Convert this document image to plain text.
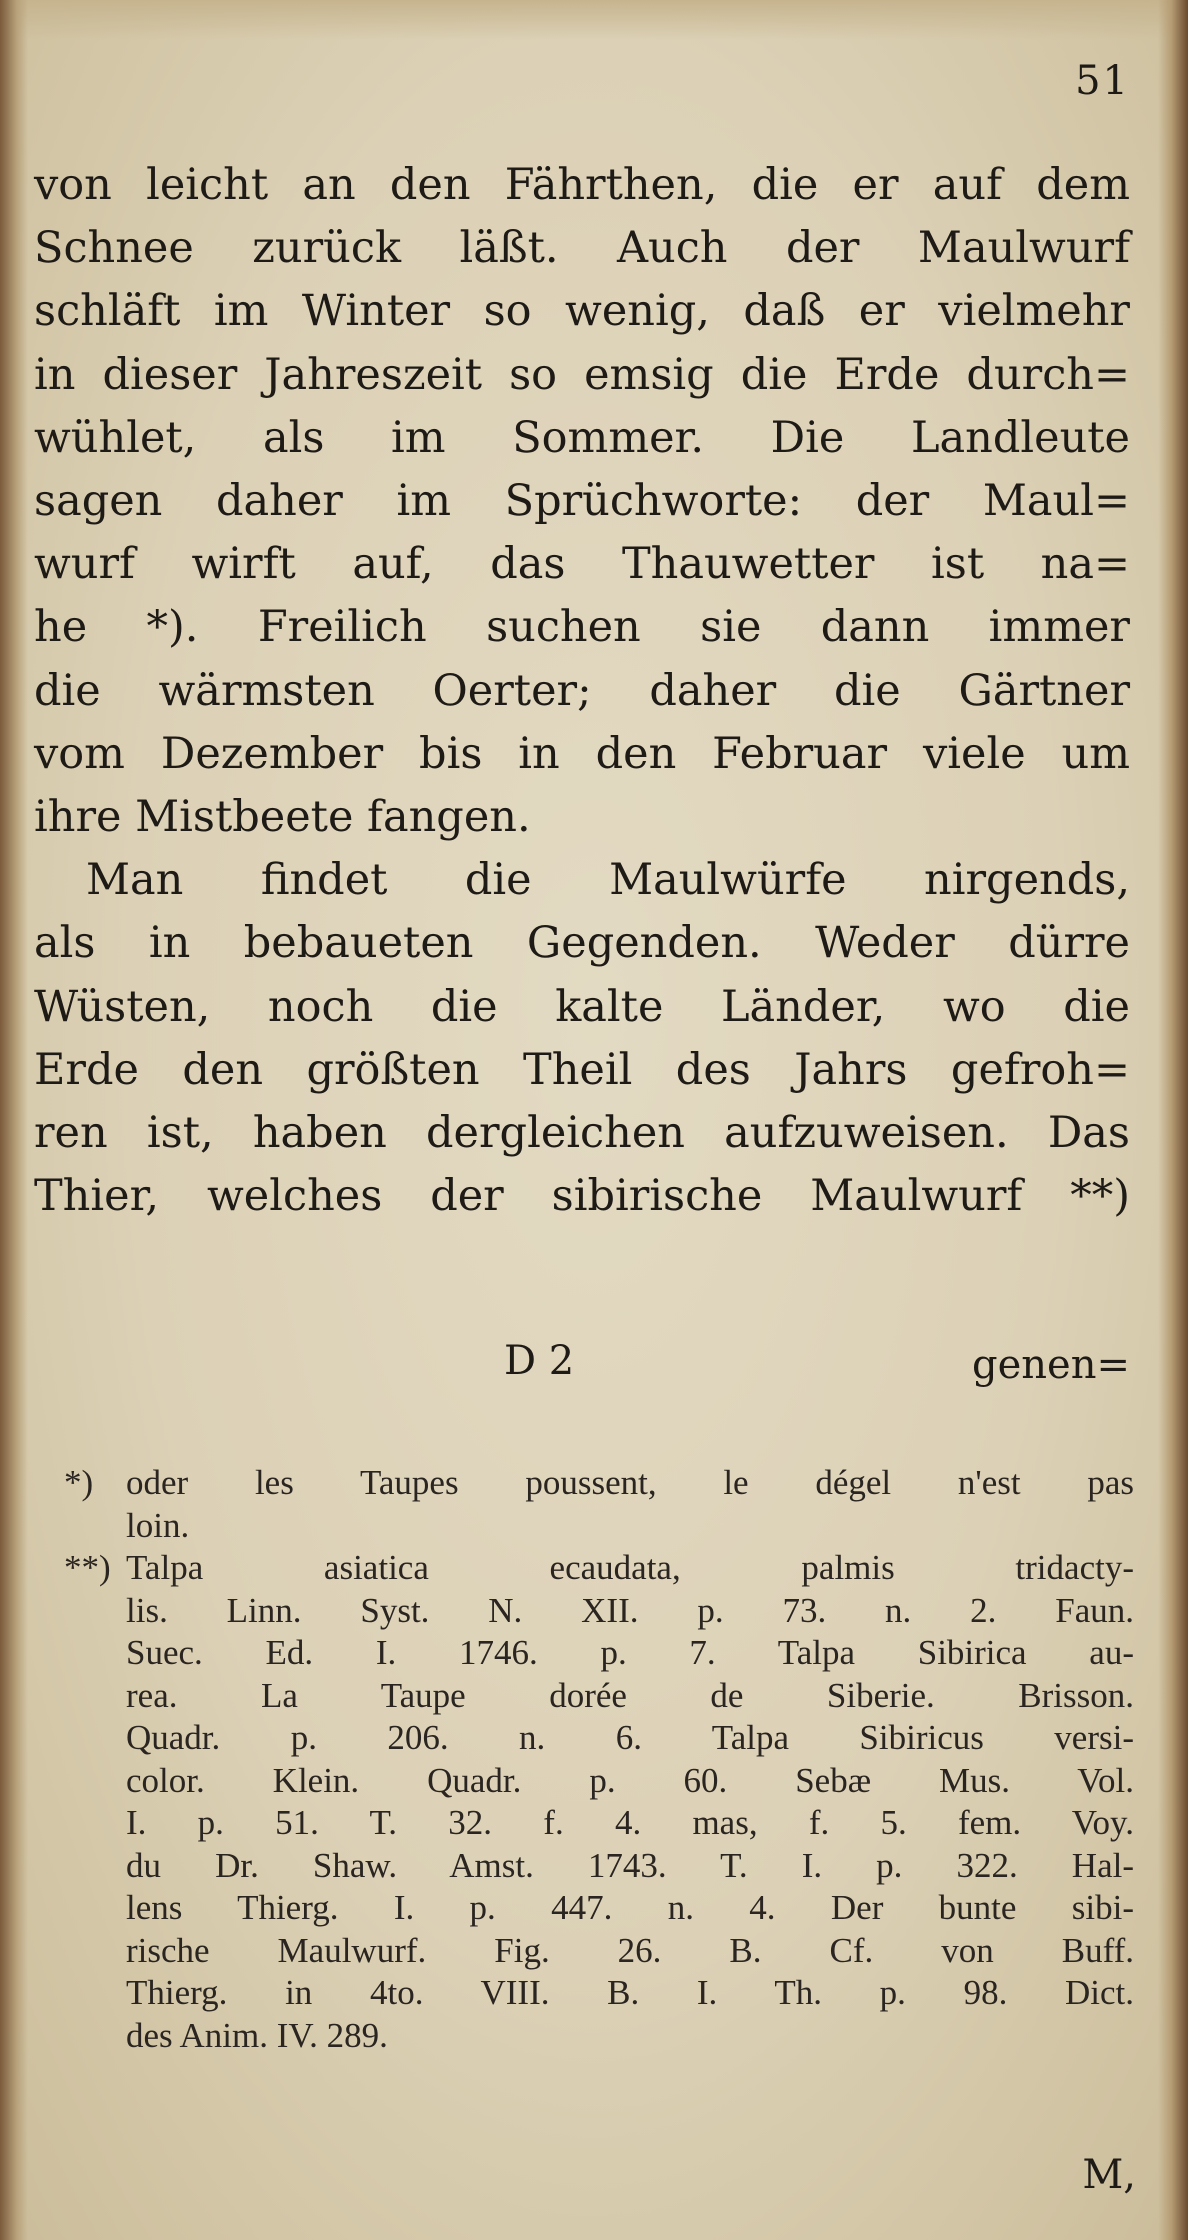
51
von leicht an den Fährthen, die er auf dem
Schnee zurück läßt. Auch der Maulwurf
schläft im Winter so wenig, daß er vielmehr
in dieser Jahreszeit so emsig die Erde durch=
wühlet, als im Sommer. Die Landleute
sagen daher im Sprüchworte: der Maul=
wurf wirft auf, das Thauwetter ist na=
he *). Freilich suchen sie dann immer
die wärmsten Oerter; daher die Gärtner
vom Dezember bis in den Februar viele um
ihre Mistbeete fangen.
Man findet die Maulwürfe nirgends,
als in bebaueten Gegenden. Weder dürre
Wüsten, noch die kalte Länder, wo die
Erde den größten Theil des Jahrs gefroh=
ren ist, haben dergleichen aufzuweisen. Das
Thier, welches der sibirische Maulwurf **)
D 2	genen=
*) oder les Taupes poussent, le dégel n'est pas
loin.
**) Talpa asiatica ecaudata, palmis tridacty-
lis. Linn. Syst. N. XII. p. 73. n. 2. Faun.
Suec. Ed. I. 1746. p. 7. Talpa Sibirica au-
rea. La Taupe dorée de Siberie. Brisson.
Quadr. p. 206. n. 6. Talpa Sibiricus versi-
color. Klein. Quadr. p. 60. Sebæ Mus. Vol.
I. p. 51. T. 32. f. 4. mas, f. 5. fem. Voy.
du Dr. Shaw. Amst. 1743. T. I. p. 322. Hal-
lens Thierg. I. p. 447. n. 4. Der bunte sibi-
rische Maulwurf. Fig. 26. B. Cf. von Buff.
Thierg. in 4to. VIII. B. I. Th. p. 98. Dict.
des Anim. IV. 289.
M,
